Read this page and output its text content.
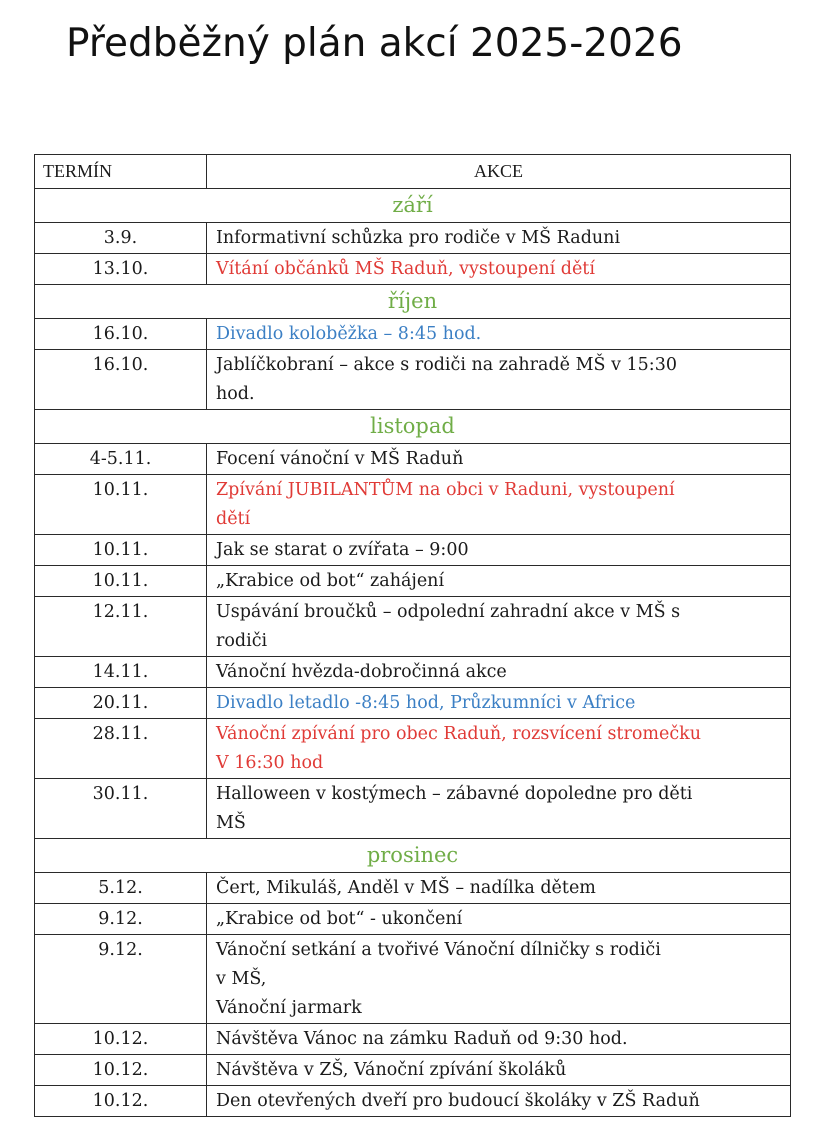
Předběžný plán akcí 2025-2026
TERMÍN	AKCE
září	
3.9.	Informativní schůzka pro rodiče v MŠ Raduni

13.10.	Vítání občánků MŠ Raduň, vystoupení dětí

říjen	
16.10.	Divadlo koloběžka – 8:45 hod.

16.10.	Jablíčkobraní – akce s rodiči na zahradě MŠ v 15:30
hod.

listopad	
4-5.11.	Focení vánoční v MŠ Raduň

10.11.	Zpívání JUBILANTŮM na obci v Raduni, vystoupení
dětí

10.11.	Jak se starat o zvířata – 9:00

10.11.	„Krabice od bot“ zahájení

12.11.	Uspávání broučků – odpolední zahradní akce v MŠ s
rodiči

14.11.	Vánoční hvězda-dobročinná akce

20.11.	Divadlo letadlo -8:45 hod, Průzkumníci v Africe

28.11.	Vánoční zpívání pro obec Raduň, rozsvícení stromečku
V 16:30 hod

30.11.	Halloween v kostýmech – zábavné dopoledne pro děti
MŠ

prosinec	
5.12.	Čert, Mikuláš, Anděl v MŠ – nadílka dětem

9.12.	„Krabice od bot“ - ukončení

9.12.	Vánoční setkání a tvořivé Vánoční dílničky s rodiči
v MŠ,
Vánoční jarmark

10.12.	Návštěva Vánoc na zámku Raduň od 9:30 hod.

10.12.	Návštěva v ZŠ, Vánoční zpívání školáků

10.12.	Den otevřených dveří pro budoucí školáky v ZŠ Raduň
